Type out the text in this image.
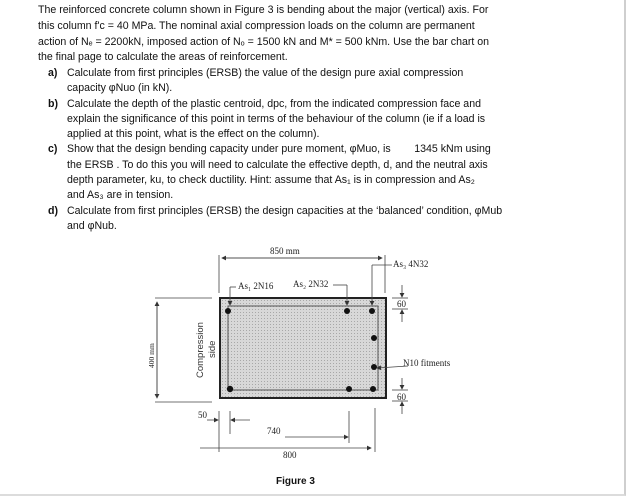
The reinforced concrete column shown in Figure 3 is bending about the major (vertical) axis. For
this column f'c = 40 MPa. The nominal axial compression loads on the column are permanent
action of Nₑ = 2200kN, imposed action of Nₒ = 1500 kN and M* = 500 kNm. Use the bar chart on
the final page to calculate the areas of reinforcement.
a) Calculate from first principles (ERSB) the value of the design pure axial compression
capacity φNuo (in kN).
b) Calculate the depth of the plastic centroid, dpc, from the indicated compression face and
explain the significance of this point in terms of the behaviour of the column (ie if a load is
applied at this point, what is the effect on the column).
c) Show that the design bending capacity under pure moment, φMuo, is        1345 kNm using
the ERSB . To do this you will need to calculate the effective depth, d, and the neutral axis
depth parameter, ku, to check ductility. Hint: assume that As₁ is in compression and As₂
and As₃ are in tension.
d) Calculate from first principles (ERSB) the design capacities at the ‘balanced’ condition, φMub
and φNub.
850 mm
As₃ 4N32
As₁ 2N16 As₂ 2N32
60
60
N10 fitments
400 mm	Compression side
50
740
800
Figure 3
